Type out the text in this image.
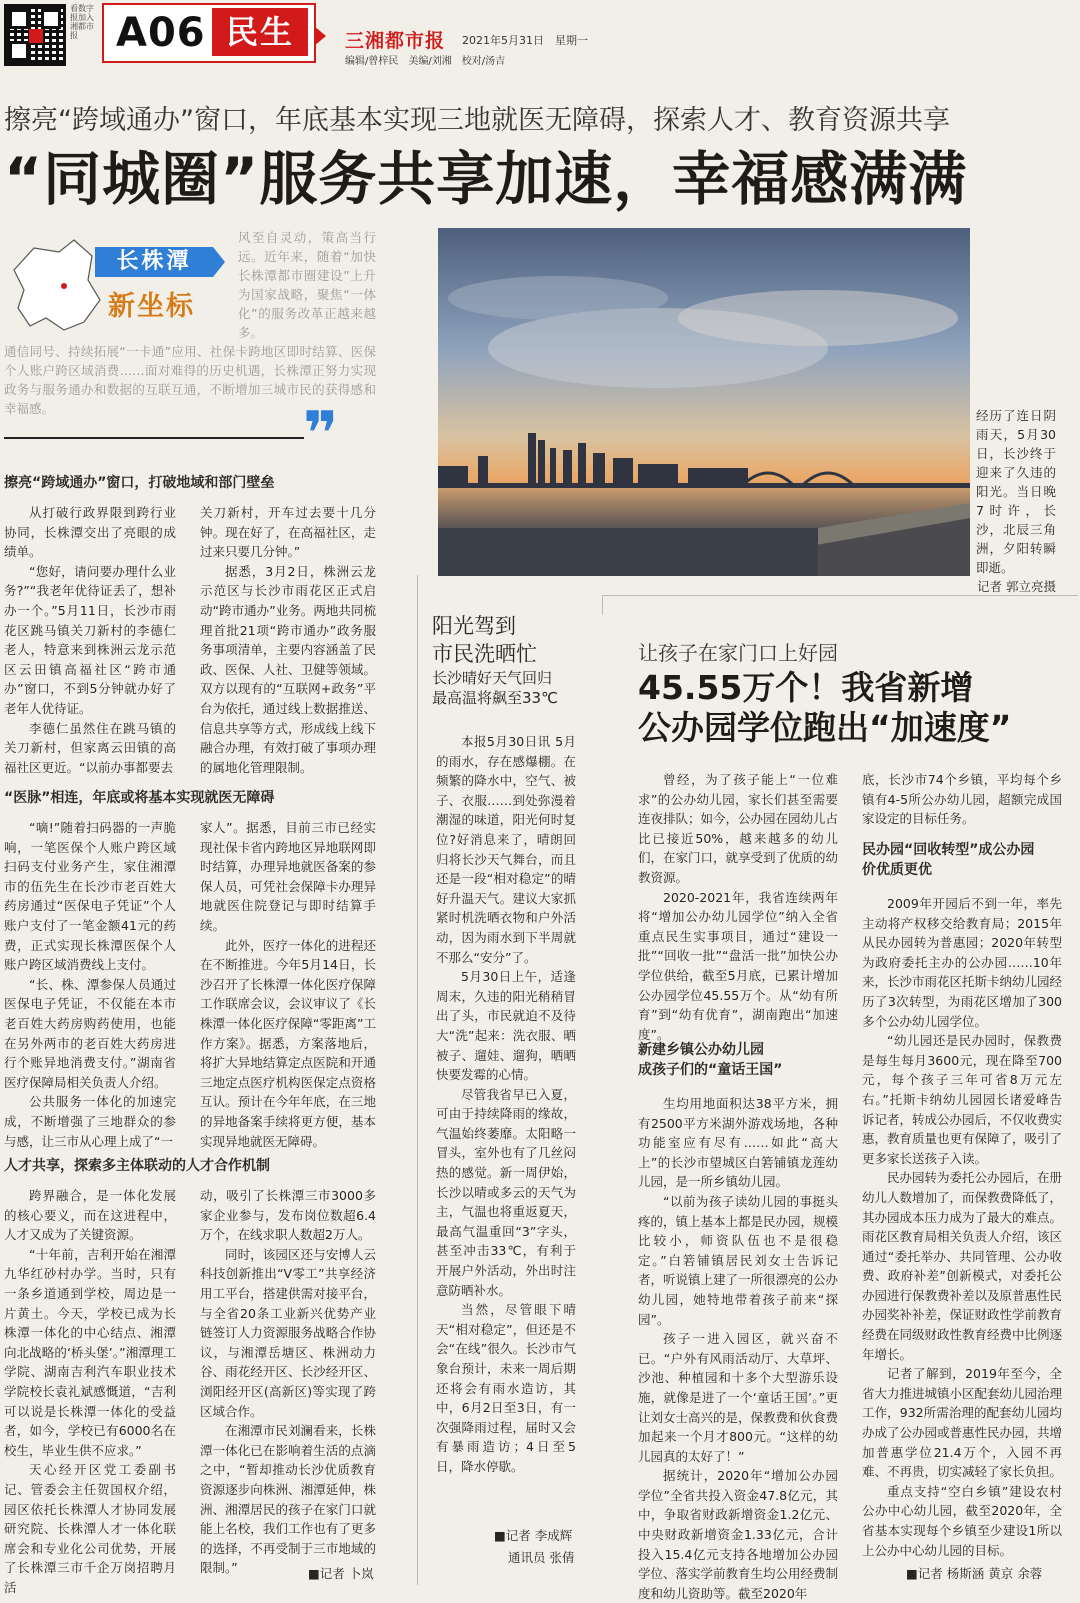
看数字报加入湘都市报 A06 民生	三湘都市报 2021年5月31日　星期一
编辑/曾梓民　美编/刘湘　校对/汤吉
擦亮“跨域通办”窗口，年底基本实现三地就医无障碍，探索人才、教育资源共享
“同城圈”服务共享加速，幸福感满满
长株潭
新坐标
风至自灵动，策高当行远。近年来，随着“加快长株潭都市圈建设”上升为国家战略，聚焦“一体化”的服务改革正越来越多。
通信同号、持续拓展“一卡通”应用、社保卡跨地区即时结算、医保个人账户跨区域消费……面对难得的历史机遇，长株潭正努力实现政务与服务通办和数据的互联互通，不断增加三城市民的获得感和幸福感。	❞
擦亮“跨域通办”窗口，打破地域和部门壁垒

从打破行政界限到跨行业协同，长株潭交出了亮眼的成绩单。

“您好，请问要办理什么业务?”“我老年优待证丢了，想补办一个。”5月11日，长沙市雨花区跳马镇关刀新村的李德仁老人，特意来到株洲云龙示范区云田镇高福社区“跨市通办”窗口，不到5分钟就办好了老年人优待证。

李德仁虽然住在跳马镇的关刀新村，但家离云田镇的高福社区更近。“以前办事都要去

关刀新村，开车过去要十几分钟。现在好了，在高福社区，走过来只要几分钟。”

据悉，3月2日，株洲云龙示范区与长沙市雨花区正式启动“跨市通办”业务。两地共同梳理首批21项“跨市通办”政务服务事项清单，主要内容涵盖了民政、医保、人社、卫健等领域。双方以现有的“互联网+政务”平台为依托，通过线上数据推送、信息共享等方式，形成线上线下融合办理，有效打破了事项办理的属地化管理限制。

“医脉”相连，年底或将基本实现就医无障碍

“嘀!”随着扫码器的一声脆响，一笔医保个人账户跨区域扫码支付业务产生，家住湘潭市的伍先生在长沙市老百姓大药房通过“医保电子凭证”个人账户支付了一笔金额41元的药费，正式实现长株潭医保个人账户跨区域消费线上支付。

“长、株、潭参保人员通过医保电子凭证，不仅能在本市老百姓大药房购药使用，也能在另外两市的老百姓大药房进行个账异地消费支付。”湖南省医疗保障局相关负责人介绍。

公共服务一体化的加速完成，不断增强了三地群众的参与感，让三市从心理上成了“一

家人”。据悉，目前三市已经实现社保卡省内跨地区异地联网即时结算，办理异地就医备案的参保人员，可凭社会保障卡办理异地就医住院登记与即时结算手续。

此外，医疗一体化的进程还在不断推进。今年5月14日，长沙召开了长株潭一体化医疗保障工作联席会议，会议审议了《长株潭一体化医疗保障“零距离”工作方案》。据悉，方案落地后，将扩大异地结算定点医院和开通三地定点医疗机构医保定点资格互认。预计在今年年底，在三地的异地备案手续将更方便，基本实现异地就医无障碍。

人才共享，探索多主体联动的人才合作机制

跨界融合，是一体化发展的核心要义，而在这进程中，人才又成为了关键资源。

“十年前，吉利开始在湘潭九华红砂村办学。当时，只有一条乡道通到学校，周边是一片黄土。今天，学校已成为长株潭一体化的中心结点、湘潭向北战略的‘桥头堡’。”湘潭理工学院、湖南吉利汽车职业技术学院校长袁礼斌感慨道，“吉利可以说是长株潭一体化的受益者，如今，学校已有6000名在校生，毕业生供不应求。”

天心经开区党工委副书记、管委会主任贺国权介绍，园区依托长株潭人才协同发展研究院、长株潭人才一体化联席会和专业化公司优势，开展了长株潭三市千企万岗招聘月活

动，吸引了长株潭三市3000多家企业参与，发布岗位数超6.4万个，在线求职人数超2万人。

同时，该园区还与安博人云科技创新推出“V零工”共享经济用工平台，搭建供需对接平台，与全省20条工业新兴优势产业链签订人力资源服务战略合作协议，与湘潭岳塘区、株洲动力谷、雨花经开区、长沙经开区、浏阳经开区(高新区)等实现了跨区域合作。

在湘潭市民刘澜看来，长株潭一体化已在影响着生活的点滴之中，“暂却推动长沙优质教育资源逐步向株洲、湘潭延伸，株洲、湘潭居民的孩子在家门口就能上名校，我们工作也有了更多的选择，不再受制于三市地域的限制。”	■记者 卜岚
经历了连日阴雨天，5月30日，长沙终于迎来了久违的阳光。当日晚7时许，长沙，北辰三角洲，夕阳转瞬即逝。
记者 郭立亮摄
阳光驾到
市民洗晒忙
长沙晴好天气回归
最高温将飙至33℃

本报5月30日讯 5月的雨水，存在感爆棚。在频繁的降水中，空气、被子、衣服……到处弥漫着潮湿的味道，阳光何时复位?好消息来了，晴朗回归将长沙天气舞台，而且还是一段“相对稳定”的晴好升温天气。建议大家抓紧时机洗晒衣物和户外活动，因为雨水到下半周就不那么“安分”了。

5月30日上午，适逢周末，久违的阳光稍稍冒出了头，市民就迫不及待大“洗”起来：洗衣服、晒被子、遛娃、遛狗，晒晒快要发霉的心情。

尽管我省早已入夏，可由于持续降雨的缘故，气温始终萎靡。太阳略一冒头，室外也有了几丝闷热的感觉。新一周伊始，长沙以晴或多云的天气为主，气温也将重返夏天，最高气温重回“3”字头，甚至冲击33℃，有利于开展户外活动，外出时注意防晒补水。

当然，尽管眼下晴天“相对稳定”，但还是不会“在线”很久。长沙市气象台预计，未来一周后期还将会有雨水造访，其中，6月2日至3日，有一次强降雨过程，届时又会有暴雨造访；4日至5日，降水停歇。

■记者 李成辉
通讯员 张倩
让孩子在家门口上好园
45.55万个！我省新增
公办园学位跑出“加速度”

曾经，为了孩子能上“一位难求”的公办幼儿园，家长们甚至需要连夜排队；如今，公办园在园幼儿占比已接近50%，越来越多的幼儿们，在家门口，就享受到了优质的幼教资源。

2020-2021年，我省连续两年将“增加公办幼儿园学位”纳入全省重点民生实事项目，通过“建设一批”“回收一批”“盘活一批”加快公办学位供给，截至5月底，已累计增加公办园学位45.55万个。从“幼有所育”到“幼有优育”，湖南跑出“加速度”。

新建乡镇公办幼儿园
成孩子们的“童话王国”

生均用地面积达38平方米，拥有2500平方米湖外游戏场地，各种功能室应有尽有……如此“高大上”的长沙市望城区白箬铺镇龙莲幼儿园，是一所乡镇幼儿园。

“以前为孩子读幼儿园的事挺头疼的，镇上基本上都是民办园，规模比较小，师资队伍也不是很稳定。”白箬铺镇居民刘女士告诉记者，听说镇上建了一所很漂亮的公办幼儿园，她特地带着孩子前来“探园”。

孩子一进入园区，就兴奋不已。“户外有风雨活动厅、大草坪、沙池、种植园和十多个大型游乐设施，就像是进了一个‘童话王国’。”更让刘女士高兴的是，保教费和伙食费加起来一个月才800元。“这样的幼儿园真的太好了！”

据统计，2020年“增加公办园学位”全省共投入资金47.8亿元，其中，争取省财政新增资金1.2亿元、中央财政新增资金1.33亿元，合计投入15.4亿元支持各地增加公办园学位、落实学前教育生均公用经费制度和幼儿资助等。截至2020年

底，长沙市74个乡镇，平均每个乡镇有4-5所公办幼儿园，超额完成国家设定的目标任务。

民办园“回收转型”成公办园
价优质更优

2009年开园后不到一年，率先主动将产权移交给教育局；2015年从民办园转为普惠园；2020年转型为政府委托主办的公办园……10年来，长沙市雨花区托斯卡纳幼儿园经历了3次转型，为雨花区增加了300多个公办幼儿园学位。

“幼儿园还是民办园时，保教费是每生每月3600元，现在降至700元，每个孩子三年可省8万元左右。”托斯卡纳幼儿园园长诸爱峰告诉记者，转成公办园后，不仅收费实惠，教育质量也更有保障了，吸引了更多家长送孩子入读。

民办园转为委托公办园后，在册幼儿人数增加了，而保教费降低了，其办园成本压力成为了最大的难点。雨花区教育局相关负责人介绍，该区通过“委托举办、共同管理、公办收费、政府补差”创新模式，对委托公办园进行保教费补差以及原普惠性民办园奖补补差，保证财政性学前教育经费在同级财政性教育经费中比例逐年增长。

记者了解到，2019年至今，全省大力推进城镇小区配套幼儿园治理工作，932所需治理的配套幼儿园均办成了公办园或普惠性民办园，共增加普惠学位21.4万个，入园不再难、不再贵，切实减轻了家长负担。

重点支持“空白乡镇”建设农村公办中心幼儿园，截至2020年，全省基本实现每个乡镇至少建设1所以上公办中心幼儿园的目标。

■记者 杨斯涵 黄京 余蓉
